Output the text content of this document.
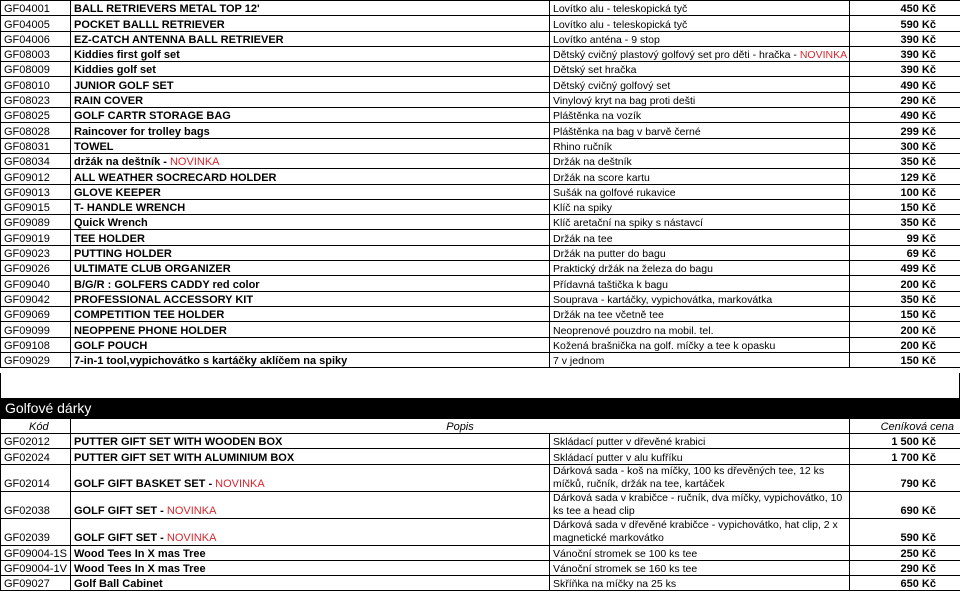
GF04001	BALL RETRIEVERS METAL TOP 12'	Lovítko alu - teleskopická tyč	450 Kč
GF04005	POCKET BALLL RETRIEVER	Lovítko alu - teleskopická tyč	590 Kč
GF04006	EZ-CATCH ANTENNA BALL RETRIEVER	Lovítko anténa - 9 stop	390 Kč
GF08003	Kiddies first golf set	Dětský cvičný plastový golfový set pro děti - hračka - NOVINKA	390 Kč
GF08009	Kiddies golf set	Dětský set hračka	390 Kč
GF08010	JUNIOR GOLF SET	Dětský cvičný golfový set	490 Kč
GF08023	RAIN COVER	Vinylový kryt na bag proti dešti	290 Kč
GF08025	GOLF CARTR STORAGE BAG	Pláštěnka na vozík	490 Kč
GF08028	Raincover for trolley bags	Pláštěnka na bag v barvě černé	299 Kč
GF08031	TOWEL	Rhino ručník	300 Kč
GF08034	držák na deštník - NOVINKA	Držák na deštník	350 Kč
GF09012	ALL WEATHER SOCRECARD HOLDER	Držák na score kartu	129 Kč
GF09013	GLOVE KEEPER	Sušák na golfové rukavice	100 Kč
GF09015	T- HANDLE WRENCH	Klíč na spiky	150 Kč
GF09089	Quick Wrench	Klíč aretační na spiky s nástavcí	350 Kč
GF09019	TEE HOLDER	Držák na tee	99 Kč
GF09023	PUTTING HOLDER	Držák na putter do bagu	69 Kč
GF09026	ULTIMATE CLUB ORGANIZER	Praktický držák na železa do bagu	499 Kč
GF09040	B/G/R : GOLFERS CADDY red color	Přídavná taštička k bagu	200 Kč
GF09042	PROFESSIONAL ACCESSORY KIT	Souprava - kartáčky, vypichovátka, markovátka	350 Kč
GF09069	COMPETITION TEE HOLDER	Držák na tee včetně tee	150 Kč
GF09099	NEOPPENE PHONE HOLDER	Neoprenové pouzdro na mobil. tel.	200 Kč
GF09108	GOLF POUCH	Kožená brašnička na golf. míčky a tee k opasku	200 Kč
GF09029	7-in-1 tool,vypichovátko s kartáčky aklíčem na spiky	7 v jednom	150 Kč
Golfové dárky
Kód	Popis		Ceníková cena
GF02012	PUTTER GIFT SET WITH WOODEN BOX	Skládací putter v dřevěné krabici	1 500 Kč
GF02024	PUTTER GIFT SET WITH ALUMINIUM BOX	Skládací putter v alu kufříku	1 700 Kč
GF02014	GOLF GIFT BASKET SET - NOVINKA	Dárková sada - koš na míčky, 100 ks dřevěných tee, 12 ks míčků, ručník, držák na tee, kartáček	790 Kč
GF02038	GOLF GIFT SET - NOVINKA	Dárková sada v krabičce - ručník, dva míčky, vypichovátko, 10 ks tee a head clip	690 Kč
GF02039	GOLF GIFT SET - NOVINKA	Dárková sada v dřevěné krabičce - vypichovátko, hat clip, 2 x magnetické markovátko	590 Kč
GF09004-1S	Wood Tees In X mas Tree	Vánoční stromek se 100 ks tee	250 Kč
GF09004-1V	Wood Tees In X mas Tree	Vánoční stromek se 160 ks tee	290 Kč
GF09027	Golf Ball Cabinet	Skříňka na míčky na 25 ks	650 Kč
